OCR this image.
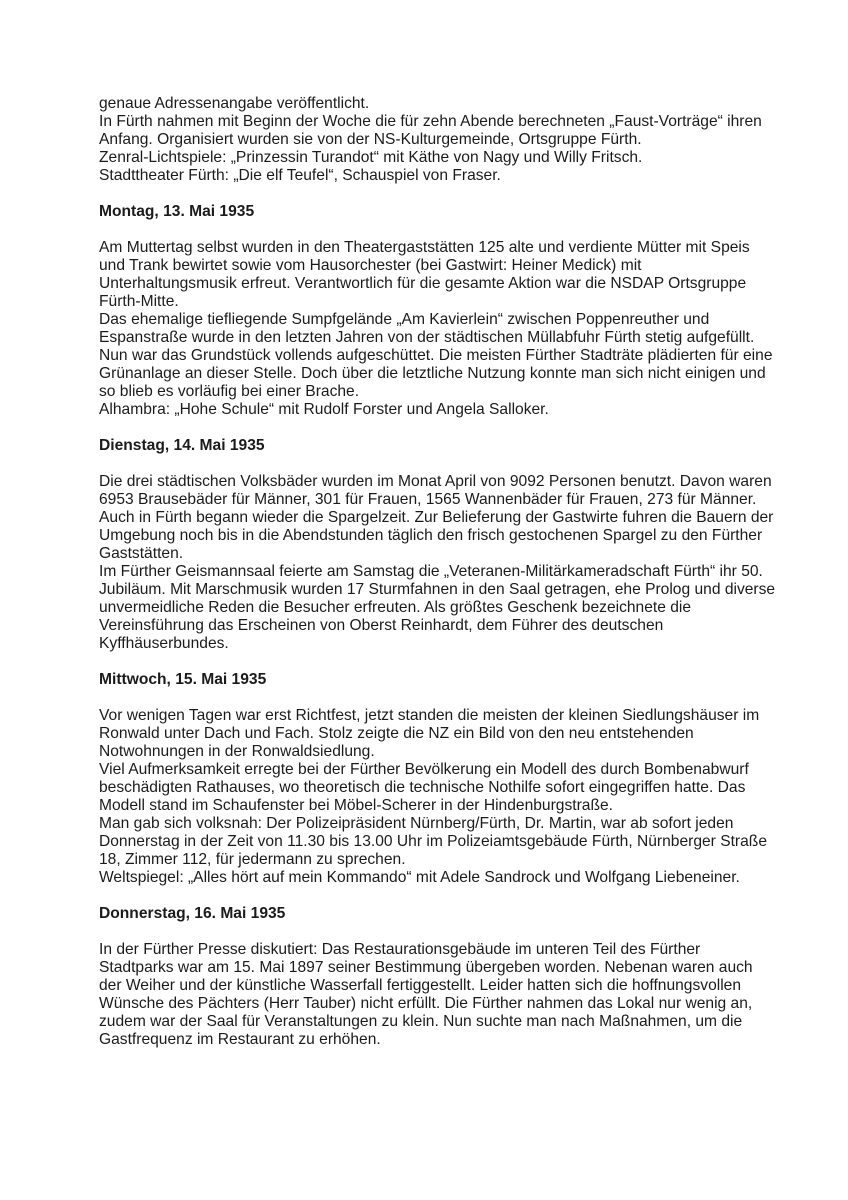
genaue Adressenangabe veröffentlicht.

In Fürth nahmen mit Beginn der Woche die für zehn Abende berechneten „Faust-Vorträge“ ihren Anfang. Organisiert wurden sie von der NS-Kulturgemeinde, Ortsgruppe Fürth.

Zenral-Lichtspiele: „Prinzessin Turandot“ mit Käthe von Nagy und Willy Fritsch.

Stadttheater Fürth: „Die elf Teufel“, Schauspiel von Fraser.

Montag, 13. Mai 1935

Am Muttertag selbst wurden in den Theatergaststätten 125 alte und verdiente Mütter mit Speis und Trank bewirtet sowie vom Hausorchester (bei Gastwirt: Heiner Medick) mit Unterhaltungsmusik erfreut. Verantwortlich für die gesamte Aktion war die NSDAP Ortsgruppe Fürth-Mitte.

Das ehemalige tiefliegende Sumpfgelände „Am Kavierlein“ zwischen Poppenreuther und Espanstraße wurde in den letzten Jahren von der städtischen Müllabfuhr Fürth stetig aufgefüllt. Nun war das Grundstück vollends aufgeschüttet. Die meisten Fürther Stadträte plädierten für eine Grünanlage an dieser Stelle. Doch über die letztliche Nutzung konnte man sich nicht einigen und so blieb es vorläufig bei einer Brache.

Alhambra: „Hohe Schule“ mit Rudolf Forster und Angela Salloker.

Dienstag, 14. Mai 1935

Die drei städtischen Volksbäder wurden im Monat April von 9092 Personen benutzt. Davon waren 6953 Brausebäder für Männer, 301 für Frauen, 1565 Wannenbäder für Frauen, 273 für Männer.

Auch in Fürth begann wieder die Spargelzeit. Zur Belieferung der Gastwirte fuhren die Bauern der Umgebung noch bis in die Abendstunden täglich den frisch gestochenen Spargel zu den Fürther Gaststätten.

Im Fürther Geismannsaal feierte am Samstag die „Veteranen-Militärkameradschaft Fürth“ ihr 50. Jubiläum. Mit Marschmusik wurden 17 Sturmfahnen in den Saal getragen, ehe Prolog und diverse unvermeidliche Reden die Besucher erfreuten. Als größtes Geschenk bezeichnete die Vereinsführung das Erscheinen von Oberst Reinhardt, dem Führer des deutschen Kyffhäuserbundes.

Mittwoch, 15. Mai 1935

Vor wenigen Tagen war erst Richtfest, jetzt standen die meisten der kleinen Siedlungshäuser im Ronwald unter Dach und Fach. Stolz zeigte die NZ ein Bild von den neu entstehenden Notwohnungen in der Ronwaldsiedlung.

Viel Aufmerksamkeit erregte bei der Fürther Bevölkerung ein Modell des durch Bombenabwurf beschädigten Rathauses, wo theoretisch die technische Nothilfe sofort eingegriffen hatte. Das Modell stand im Schaufenster bei Möbel-Scherer in der Hindenburgstraße.

Man gab sich volksnah: Der Polizeipräsident Nürnberg/Fürth, Dr. Martin, war ab sofort jeden Donnerstag in der Zeit von 11.30 bis 13.00 Uhr im Polizeiamtsgebäude Fürth, Nürnberger Straße 18, Zimmer 112, für jedermann zu sprechen.

Weltspiegel: „Alles hört auf mein Kommando“ mit Adele Sandrock und Wolfgang Liebeneiner.

Donnerstag, 16. Mai 1935

In der Fürther Presse diskutiert: Das Restaurationsgebäude im unteren Teil des Fürther Stadtparks war am 15. Mai 1897 seiner Bestimmung übergeben worden. Nebenan waren auch der Weiher und der künstliche Wasserfall fertiggestellt. Leider hatten sich die hoffnungsvollen Wünsche des Pächters (Herr Tauber) nicht erfüllt. Die Fürther nahmen das Lokal nur wenig an, zudem war der Saal für Veranstaltungen zu klein. Nun suchte man nach Maßnahmen, um die Gastfrequenz im Restaurant zu erhöhen.
